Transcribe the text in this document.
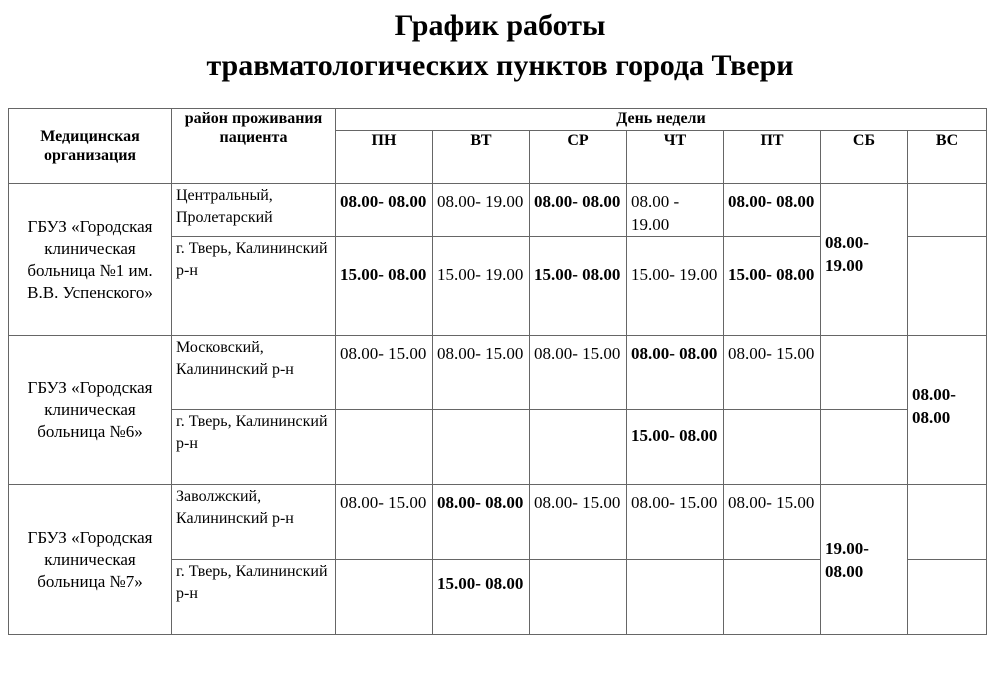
График работы
травматологических пунктов города Твери
Медицинская организация	район проживания пациента	День недели						
		ПН	ВТ	СР	ЧТ	ПТ	СБ	ВС
ГБУЗ «Городская клиническая больница №1 им. В.В. Успенского»	Центральный, Пролетарский	08.00- 08.00	08.00- 19.00	08.00- 08.00	08.00 - 19.00	08.00- 08.00	08.00- 19.00	
	г. Тверь, Калининский р-н	15.00- 08.00	15.00- 19.00	15.00- 08.00	15.00- 19.00	15.00- 08.00		
ГБУЗ «Городская клиническая больница №6»	Московский, Калининский р-н	08.00- 15.00	08.00- 15.00	08.00- 15.00	08.00- 08.00	08.00- 15.00		08.00- 08.00
	г. Тверь, Калининский р-н				15.00- 08.00			
ГБУЗ «Городская клиническая больница №7»	Заволжский, Калининский р-н	08.00- 15.00	08.00- 08.00	08.00- 15.00	08.00- 15.00	08.00- 15.00	19.00- 08.00	
	г. Тверь, Калининский р-н		15.00- 08.00					
